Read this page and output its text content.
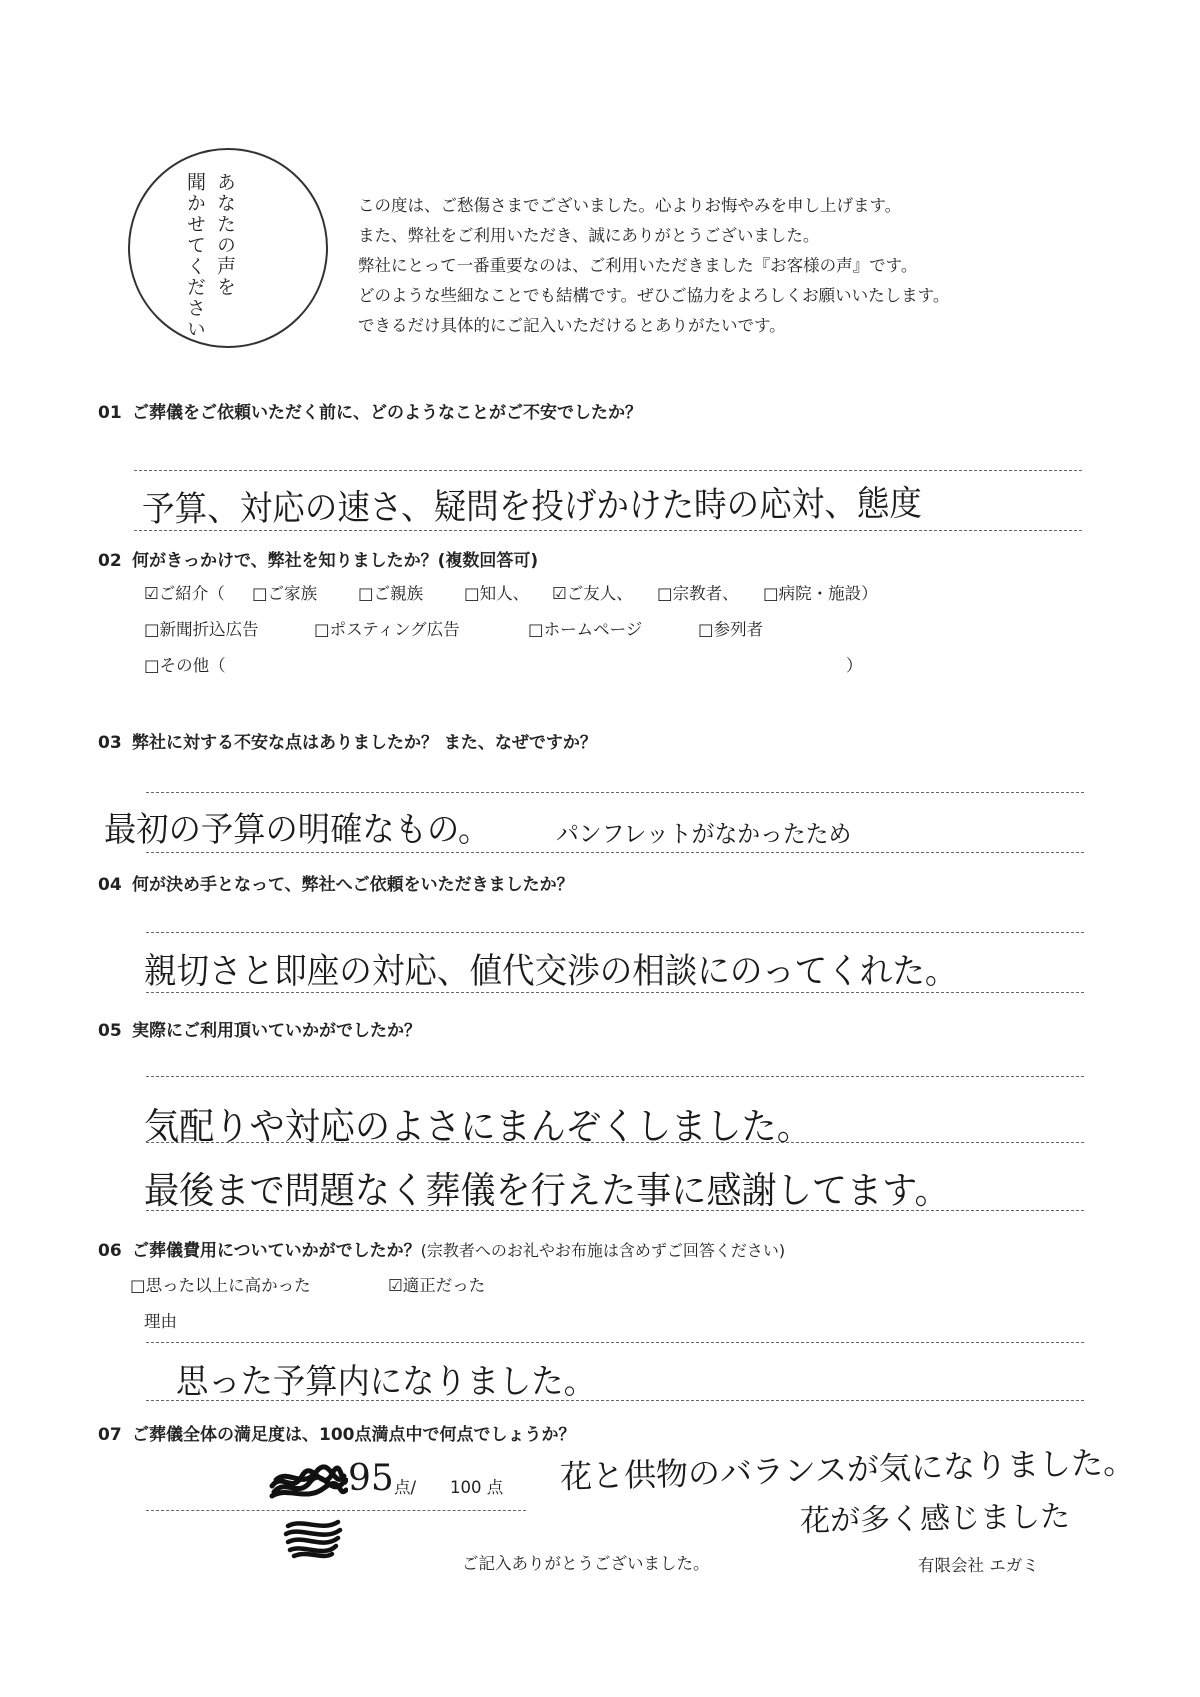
あなたの声を
聞かせてください	この度は、ご愁傷さまでございました。心よりお悔やみを申し上げます。
また、弊社をご利用いただき、誠にありがとうございました。
弊社にとって一番重要なのは、ご利用いただきました『お客様の声』です。
どのような些細なことでも結構です。ぜひご協力をよろしくお願いいたします。
できるだけ具体的にご記入いただけるとありがたいです。
01 ご葬儀をご依頼いただく前に、どのようなことがご不安でしたか？
予算、対応の速さ、疑問を投げかけた時の応対、態度
02 何がきっかけで、弊社を知りましたか？(複数回答可)
☑ご紹介（ □ご家族 □ご親族 □知人、 ☑ご友人、 □宗教者、 □病院・施設）
□新聞折込広告	□ポスティング広告	□ホームページ	□参列者
□その他（	）
03 弊社に対する不安な点はありましたか？ また、なぜですか？
最初の予算の明確なもの。	パンフレットがなかったため
04 何が決め手となって、弊社へご依頼をいただきましたか？
親切さと即座の対応、値代交渉の相談にのってくれた。
05 実際にご利用頂いていかがでしたか？
気配りや対応のよさにまんぞくしました。
最後まで問題なく葬儀を行えた事に感謝してます。
06 ご葬儀費用についていかがでしたか？(宗教者へのお礼やお布施は含めずご回答ください)
□思った以上に高かった	☑適正だった
理由
思った予算内になりました。
07 ご葬儀全体の満足度は、100点満点中で何点でしょうか？
95 点/ 100 点 花と供物のバランスが気になりました。
花が多く感じました
ご記入ありがとうございました。	有限会社 エガミ
